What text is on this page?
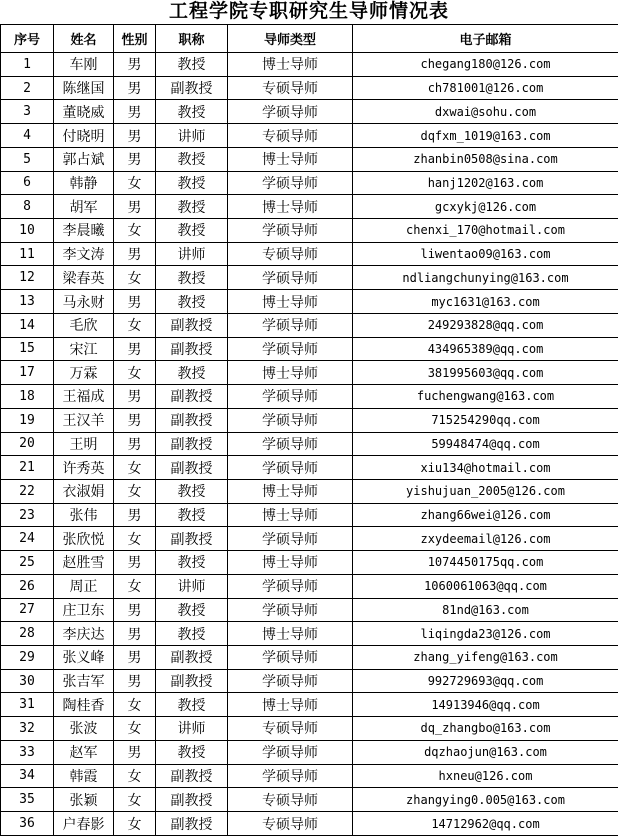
工程学院专职研究生导师情况表
序号	姓名	性别	职称	导师类型	电子邮箱
1	车刚	男	教授	博士导师	chegang180@126.com
2	陈继国	男	副教授	专硕导师	ch781001@126.com
3	董晓威	男	教授	学硕导师	dxwai@sohu.com
4	付晓明	男	讲师	专硕导师	dqfxm_1019@163.com
5	郭占斌	男	教授	博士导师	zhanbin0508@sina.com
6	韩静	女	教授	学硕导师	hanj1202@163.com
8	胡军	男	教授	博士导师	gcxykj@126.com
10	李晨曦	女	教授	学硕导师	chenxi_170@hotmail.com
11	李文涛	男	讲师	专硕导师	liwentao09@163.com
12	梁春英	女	教授	学硕导师	ndliangchunying@163.com
13	马永财	男	教授	博士导师	myc1631@163.com
14	毛欣	女	副教授	学硕导师	249293828@qq.com
15	宋江	男	副教授	学硕导师	434965389@qq.com
17	万霖	女	教授	博士导师	381995603@qq.com
18	王福成	男	副教授	学硕导师	fuchengwang@163.com
19	王汉羊	男	副教授	学硕导师	715254290qq.com
20	王明	男	副教授	学硕导师	59948474@qq.com
21	许秀英	女	副教授	学硕导师	xiu134@hotmail.com
22	衣淑娟	女	教授	博士导师	yishujuan_2005@126.com
23	张伟	男	教授	博士导师	zhang66wei@126.com
24	张欣悦	女	副教授	学硕导师	zxydeemail@126.com
25	赵胜雪	男	教授	博士导师	1074450175qq.com
26	周正	女	讲师	学硕导师	1060061063@qq.com
27	庄卫东	男	教授	学硕导师	81nd@163.com
28	李庆达	男	教授	博士导师	liqingda23@126.com
29	张义峰	男	副教授	学硕导师	zhang_yifeng@163.com
30	张吉军	男	副教授	学硕导师	992729693@qq.com
31	陶桂香	女	教授	博士导师	14913946@qq.com
32	张波	女	讲师	专硕导师	dq_zhangbo@163.com
33	赵军	男	教授	学硕导师	dqzhaojun@163.com
34	韩霞	女	副教授	学硕导师	hxneu@126.com
35	张颖	女	副教授	专硕导师	zhangying0.005@163.com
36	户春影	女	副教授	专硕导师	14712962@qq.com
